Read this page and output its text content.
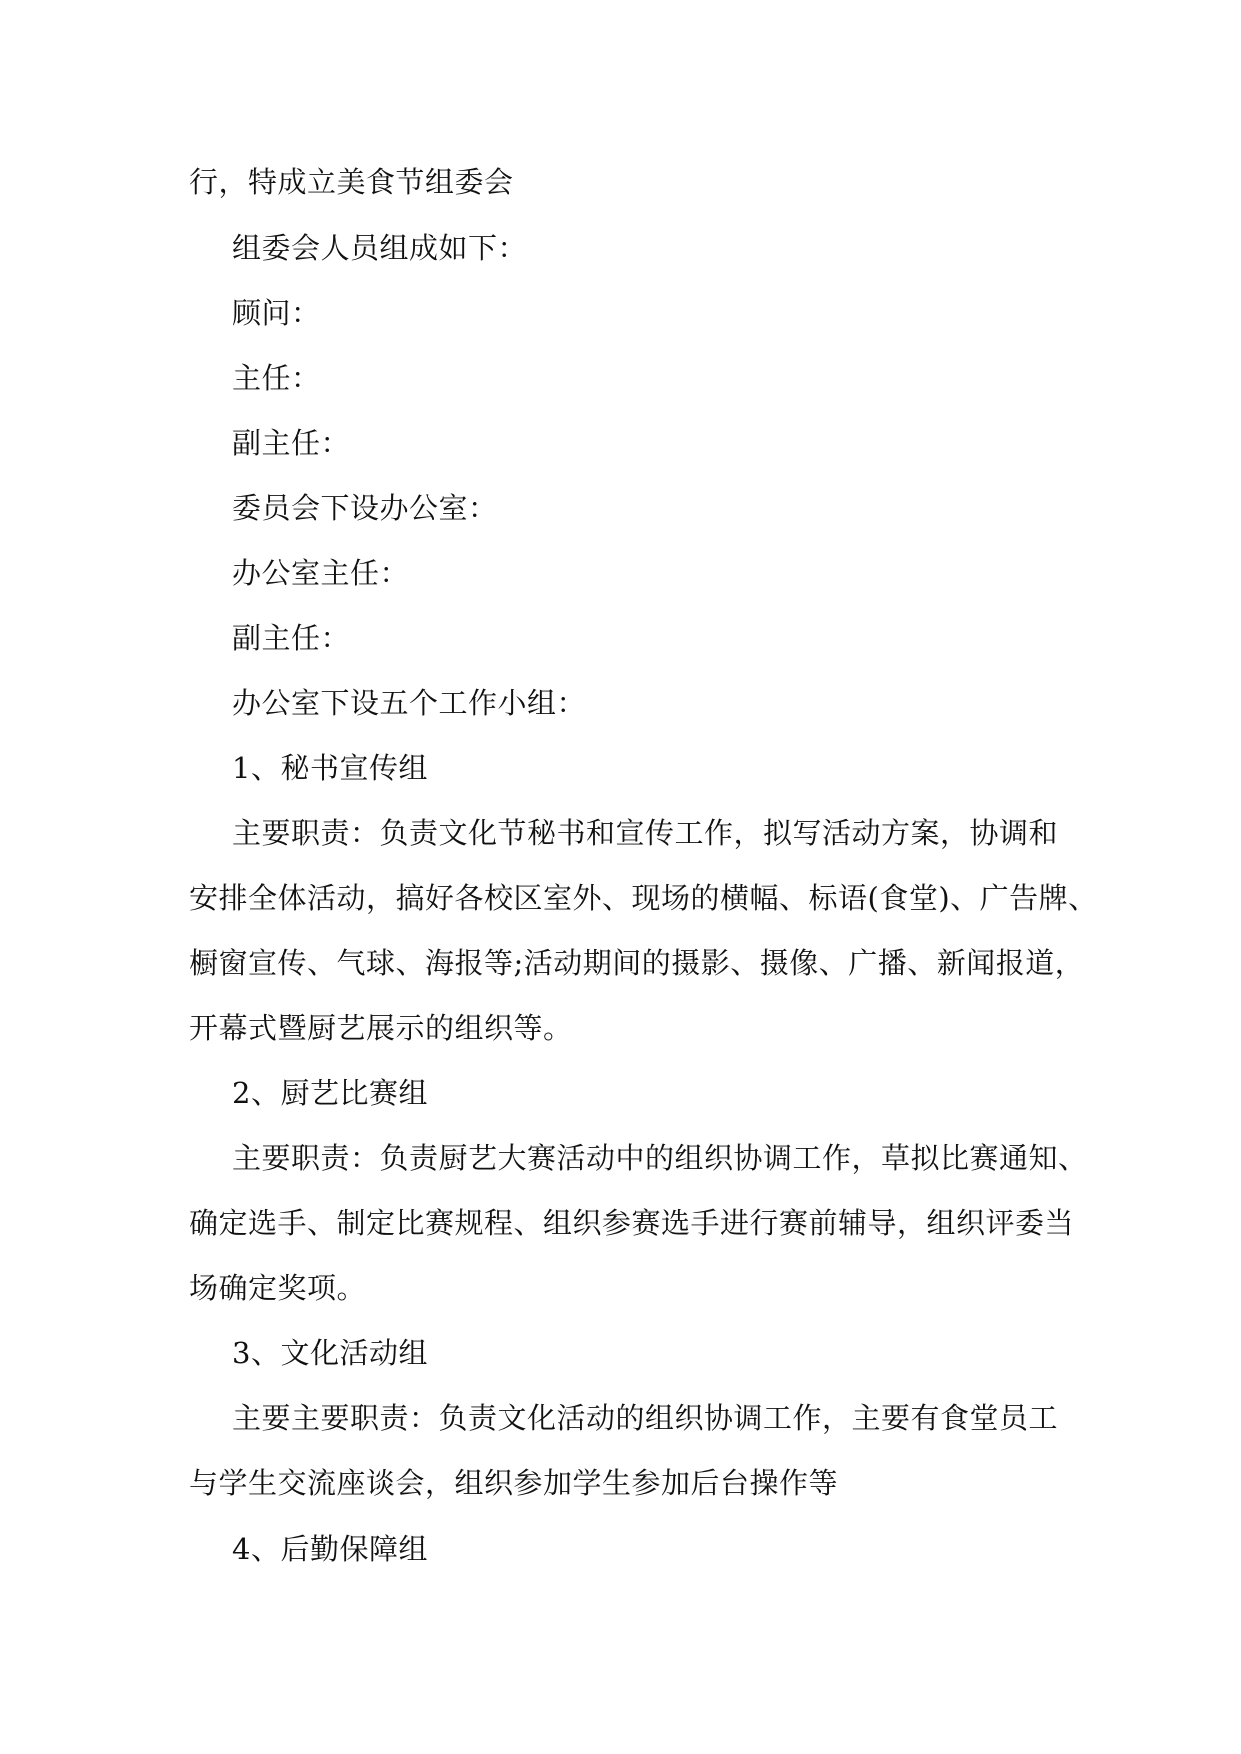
行，特成立美食节组委会
组委会人员组成如下：
顾问：
主任：
副主任：
委员会下设办公室：
办公室主任：
副主任：
办公室下设五个工作小组：
1、秘书宣传组
主要职责：负责文化节秘书和宣传工作，拟写活动方案，协调和
安排全体活动，搞好各校区室外、现场的横幅、标语(食堂)、广告牌、
橱窗宣传、气球、海报等;活动期间的摄影、摄像、广播、新闻报道，
开幕式暨厨艺展示的组织等。
2、厨艺比赛组
主要职责：负责厨艺大赛活动中的组织协调工作，草拟比赛通知、
确定选手、制定比赛规程、组织参赛选手进行赛前辅导，组织评委当
场确定奖项。
3、文化活动组
主要主要职责：负责文化活动的组织协调工作，主要有食堂员工
与学生交流座谈会，组织参加学生参加后台操作等
4、后勤保障组
